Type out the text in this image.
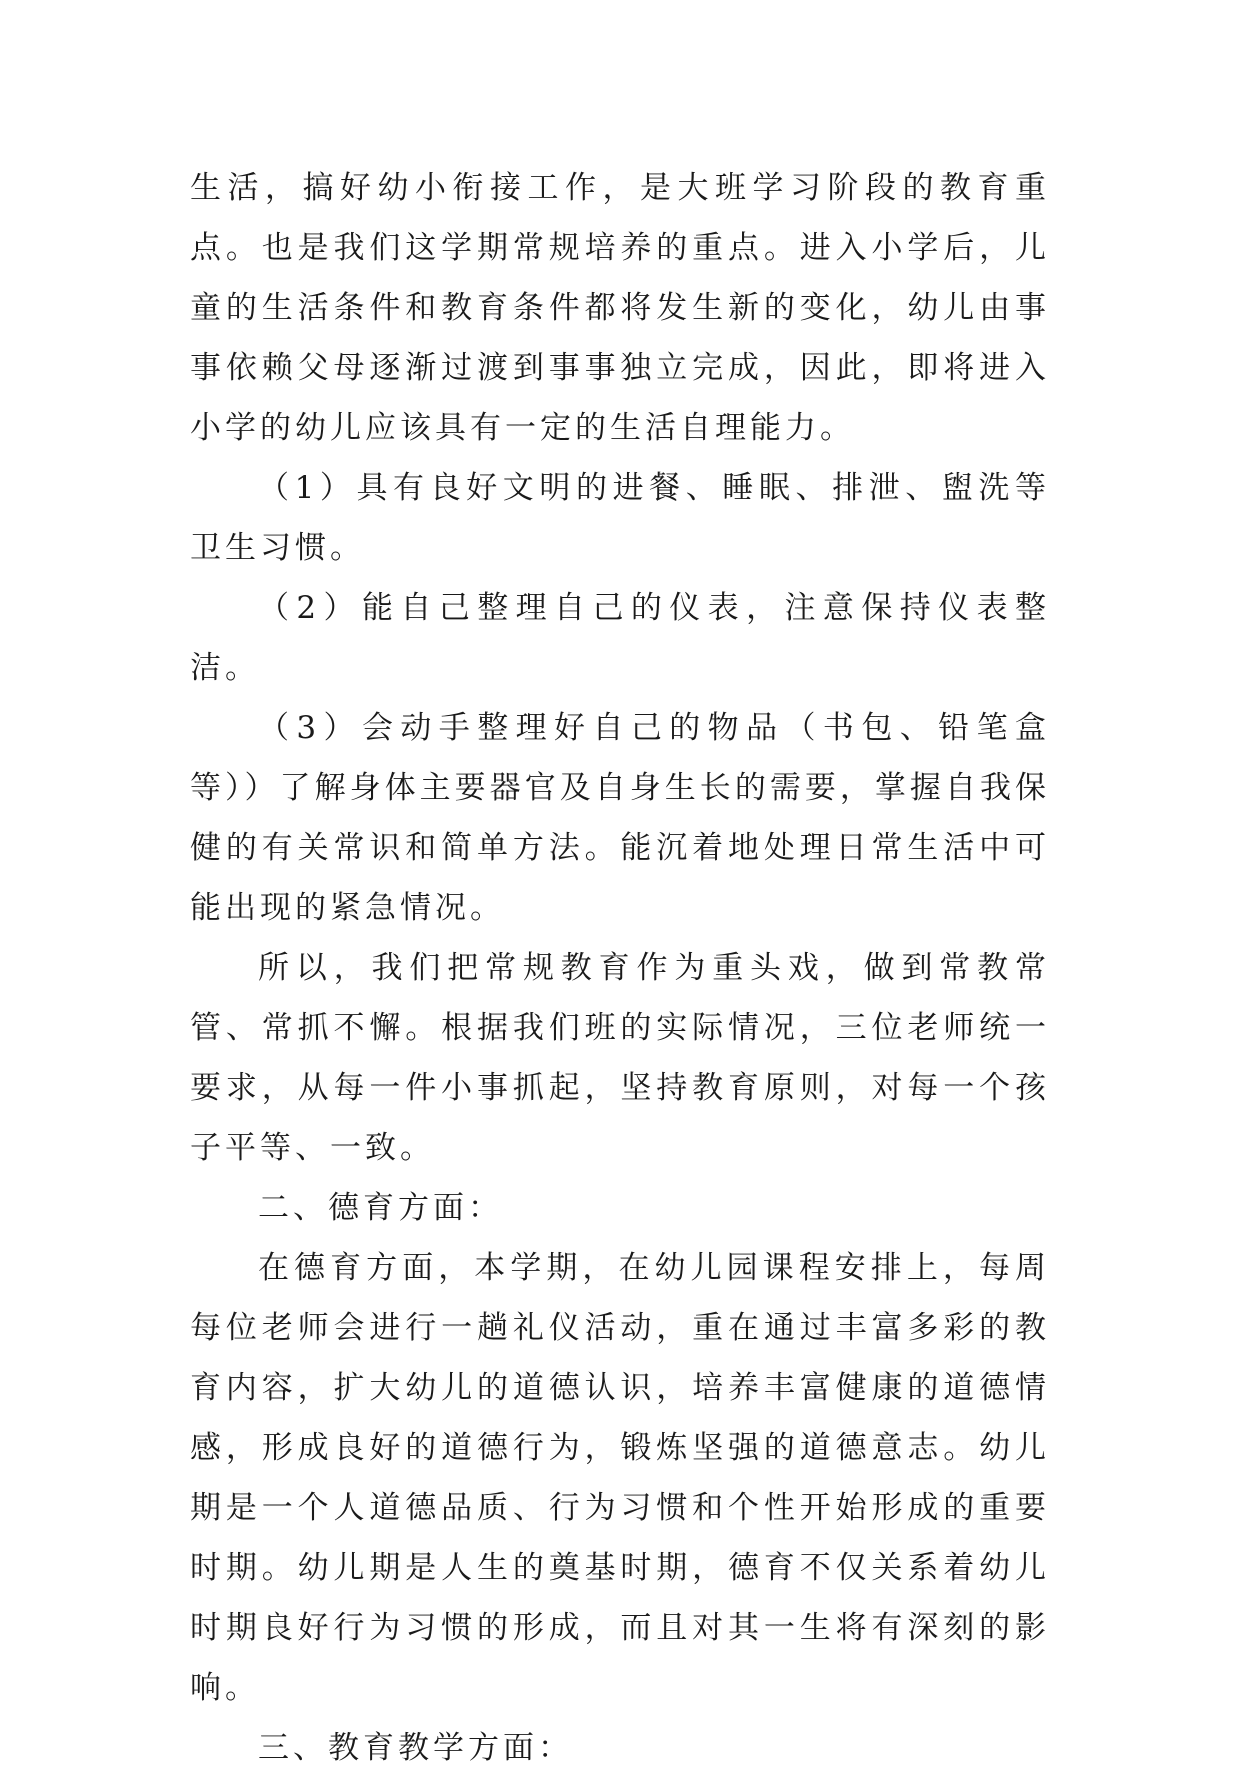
生活，搞好幼小衔接工作，是大班学习阶段的教育重点。也是我们这学期常规培养的重点。进入小学后，儿童的生活条件和教育条件都将发生新的变化，幼儿由事事依赖父母逐渐过渡到事事独立完成，因此，即将进入小学的幼儿应该具有一定的生活自理能力。

（1）具有良好文明的进餐、睡眠、排泄、盥洗等卫生习惯。

（2）能自己整理自己的仪表，注意保持仪表整洁。

（3）会动手整理好自己的物品（书包、铅笔盒等））了解身体主要器官及自身生长的需要，掌握自我保健的有关常识和简单方法。能沉着地处理日常生活中可能出现的紧急情况。

所以，我们把常规教育作为重头戏，做到常教常管、常抓不懈。根据我们班的实际情况，三位老师统一要求，从每一件小事抓起，坚持教育原则，对每一个孩子平等、一致。

二、德育方面：

在德育方面，本学期，在幼儿园课程安排上，每周每位老师会进行一趟礼仪活动，重在通过丰富多彩的教育内容，扩大幼儿的道德认识，培养丰富健康的道德情感，形成良好的道德行为，锻炼坚强的道德意志。幼儿期是一个人道德品质、行为习惯和个性开始形成的重要时期。幼儿期是人生的奠基时期，德育不仅关系着幼儿时期良好行为习惯的形成，而且对其一生将有深刻的影响。

三、教育教学方面：
